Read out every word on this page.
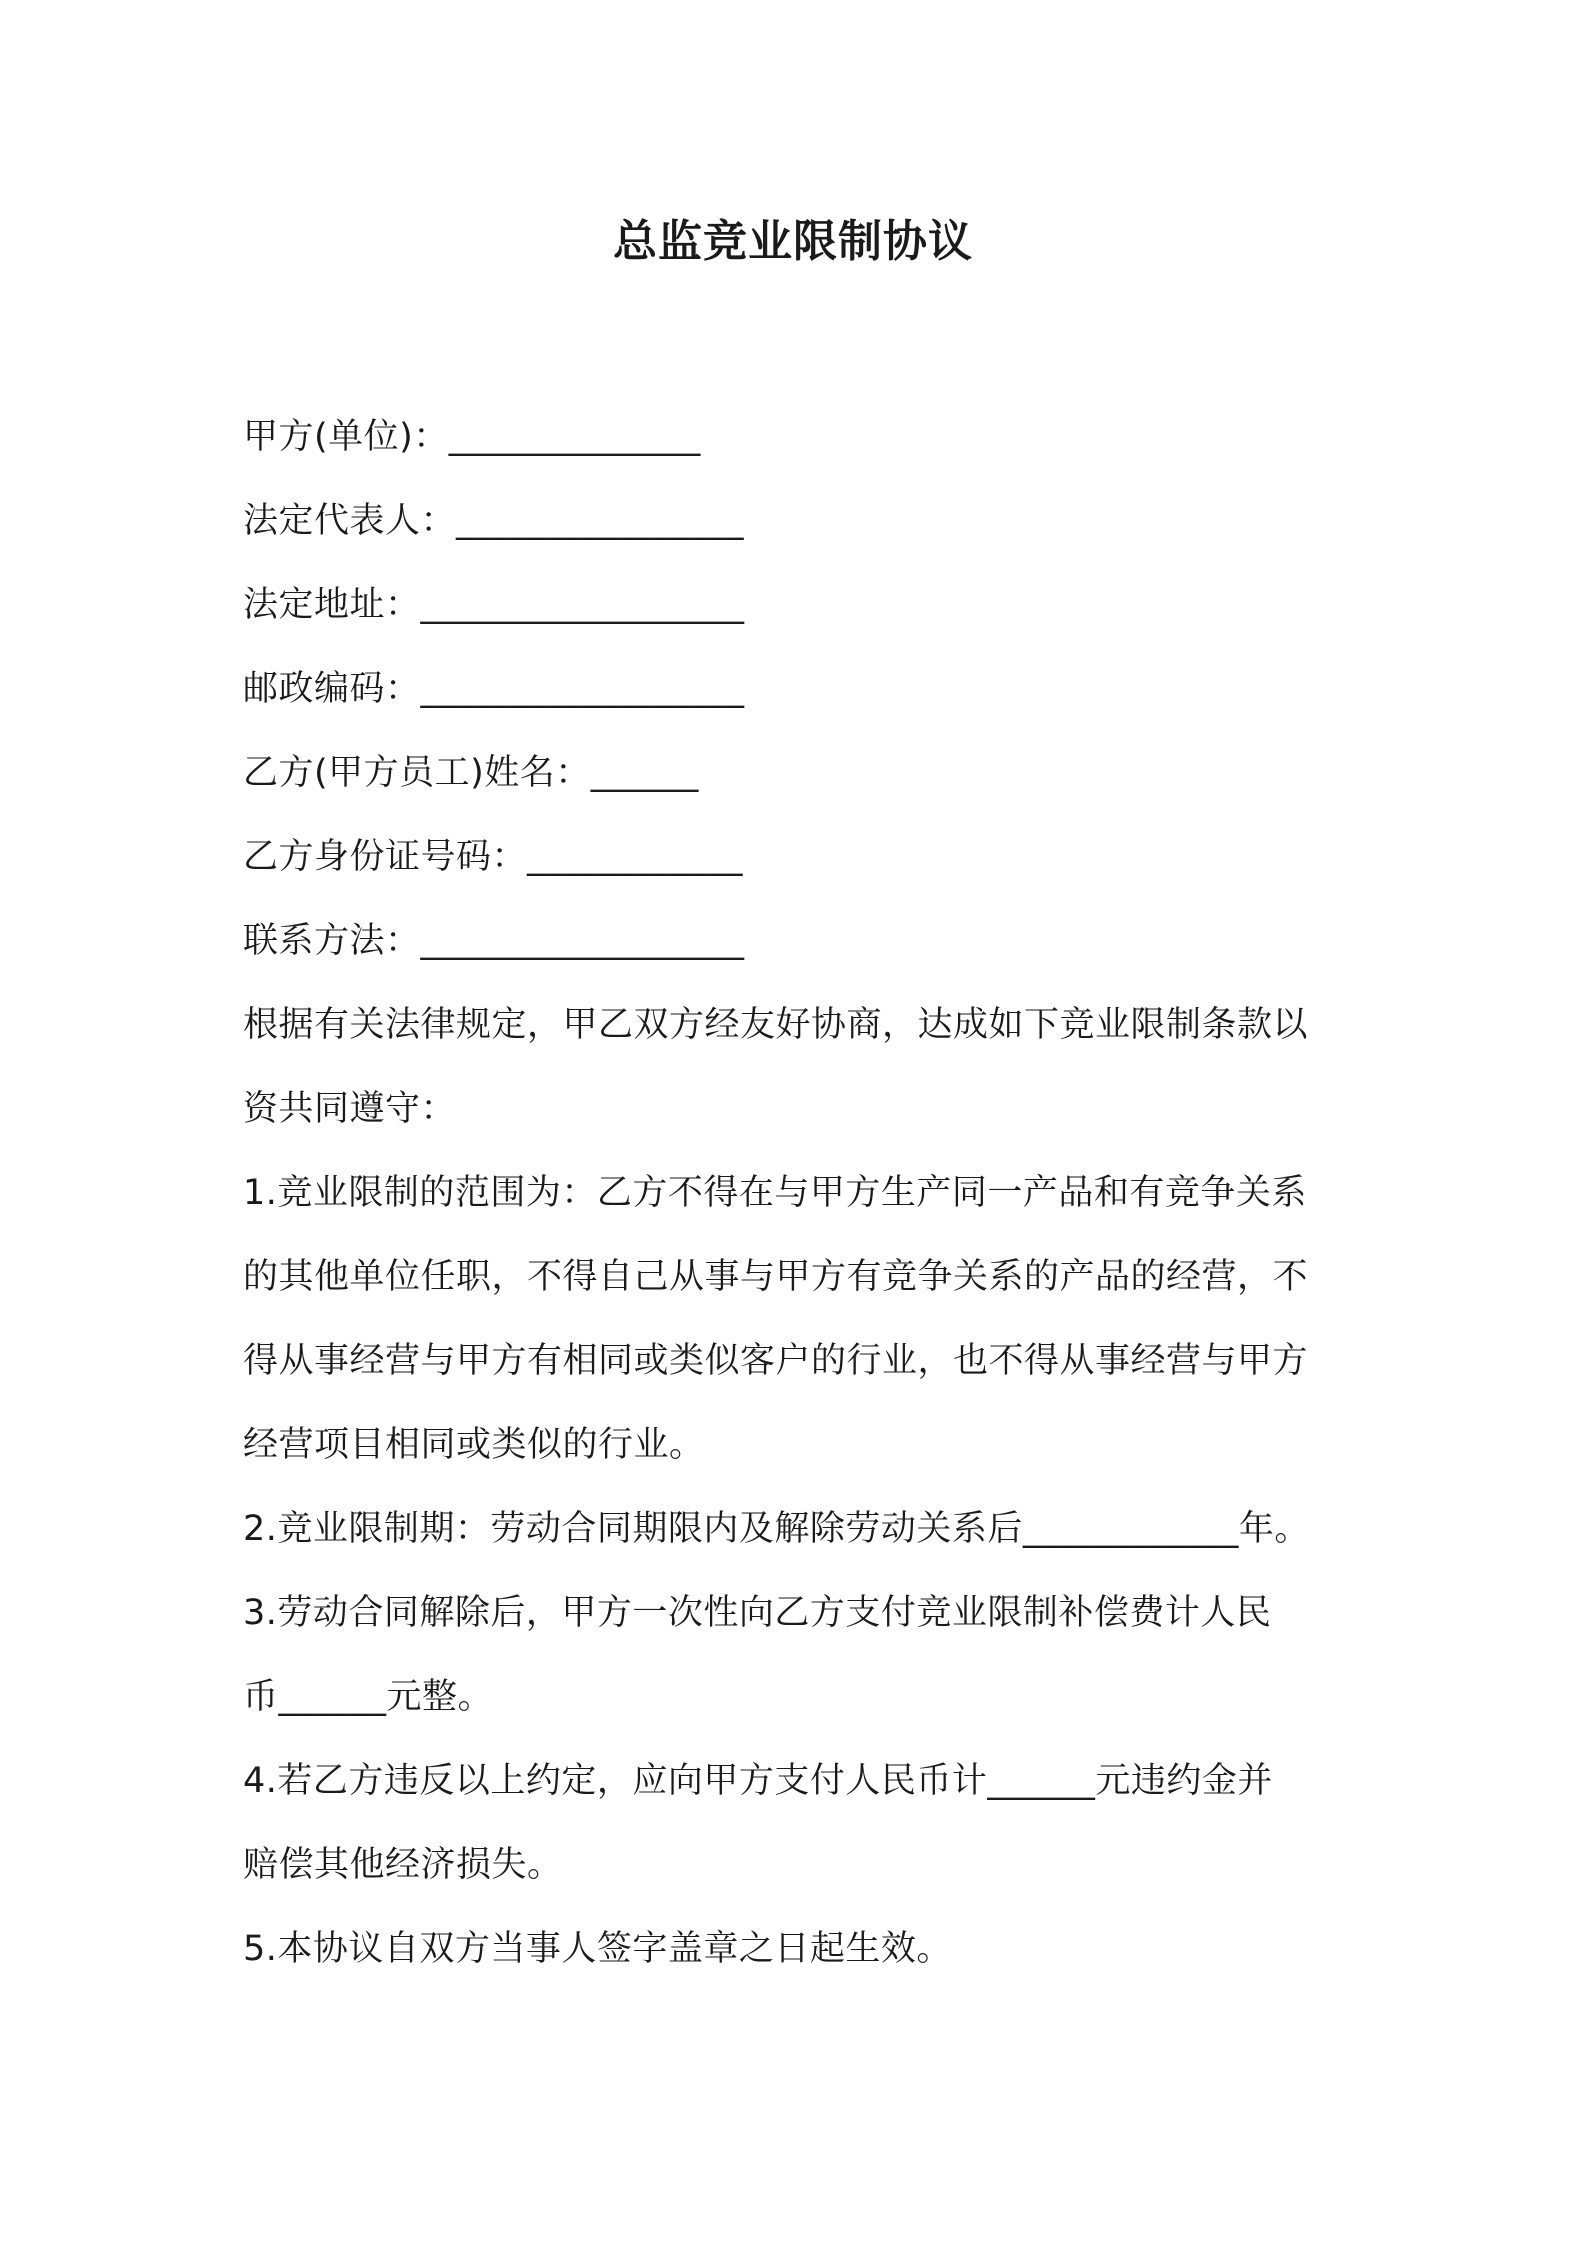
总监竞业限制协议
甲方(单位)：______________
法定代表人：________________
法定地址：__________________
邮政编码：__________________
乙方(甲方员工)姓名：______
乙方身份证号码：____________
联系方法：__________________
根据有关法律规定，甲乙双方经友好协商，达成如下竞业限制条款以
资共同遵守：
1.竞业限制的范围为：乙方不得在与甲方生产同一产品和有竞争关系
的其他单位任职，不得自己从事与甲方有竞争关系的产品的经营，不
得从事经营与甲方有相同或类似客户的行业，也不得从事经营与甲方
经营项目相同或类似的行业。
2.竞业限制期：劳动合同期限内及解除劳动关系后____________年。
3.劳动合同解除后，甲方一次性向乙方支付竞业限制补偿费计人民
币______元整。
4.若乙方违反以上约定，应向甲方支付人民币计______元违约金并
赔偿其他经济损失。
5.本协议自双方当事人签字盖章之日起生效。
